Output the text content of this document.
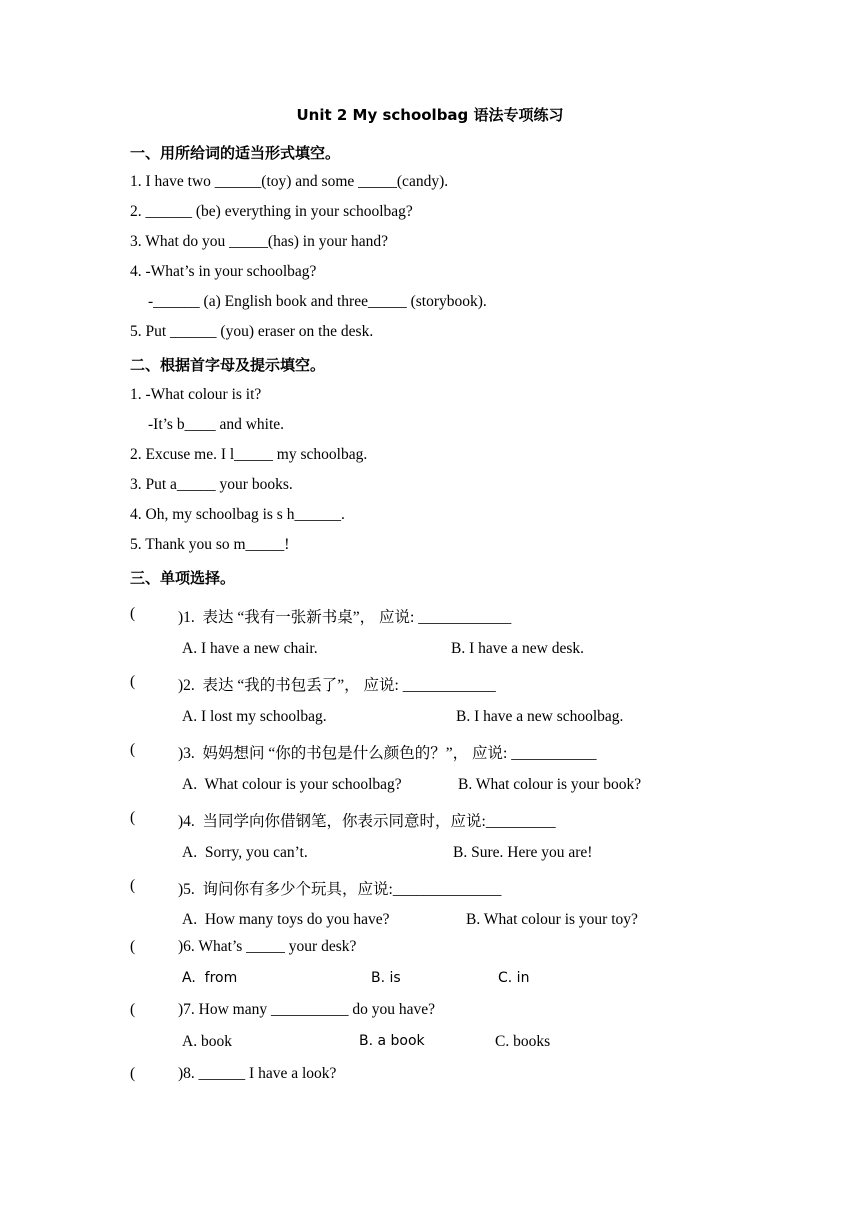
Unit 2 My schoolbag 语法专项练习
一、用所给词的适当形式填空。
1. I have two ______(toy) and some _____(candy).
2. ______ (be) everything in your schoolbag?
3. What do you _____(has) in your hand?
4. -What’s in your schoolbag?
-______ (a) English book and three_____ (storybook).
5. Put ______ (you) eraser on the desk.
二、根据首字母及提示填空。
1. -What colour is it?
-It’s b____ and white.
2. Excuse me. I l_____ my schoolbag.
3. Put a_____ your books.
4. Oh, my schoolbag is s h______.
5. Thank you so m_____!
三、单项选择。

(

	)1.  表达 “我有一张新书桌”， 应说: ____________

A. I have a new chair.	B. I have a new desk.

(

	)2.  表达 “我的书包丢了”， 应说: ____________

A. I lost my schoolbag.	B. I have a new schoolbag.

(

	)3.  妈妈想问 “你的书包是什么颜色的？”， 应说: ___________

A.  What colour is your schoolbag?	B. What colour is your book?

(

	)4.  当同学向你借钢笔，你表示同意时，应说:_________

A.  Sorry, you can’t.	B. Sure. Here you are!

(

	)5.  询问你有多少个玩具，应说:______________

A.  How many toys do you have?	B. What colour is your toy?

(

	)6. What’s _____ your desk?

A.  from	B. is	C. in

(

	)7. How many __________ do you have?

A. book	B. a book	C. books

(

	)8. ______ I have a look?
